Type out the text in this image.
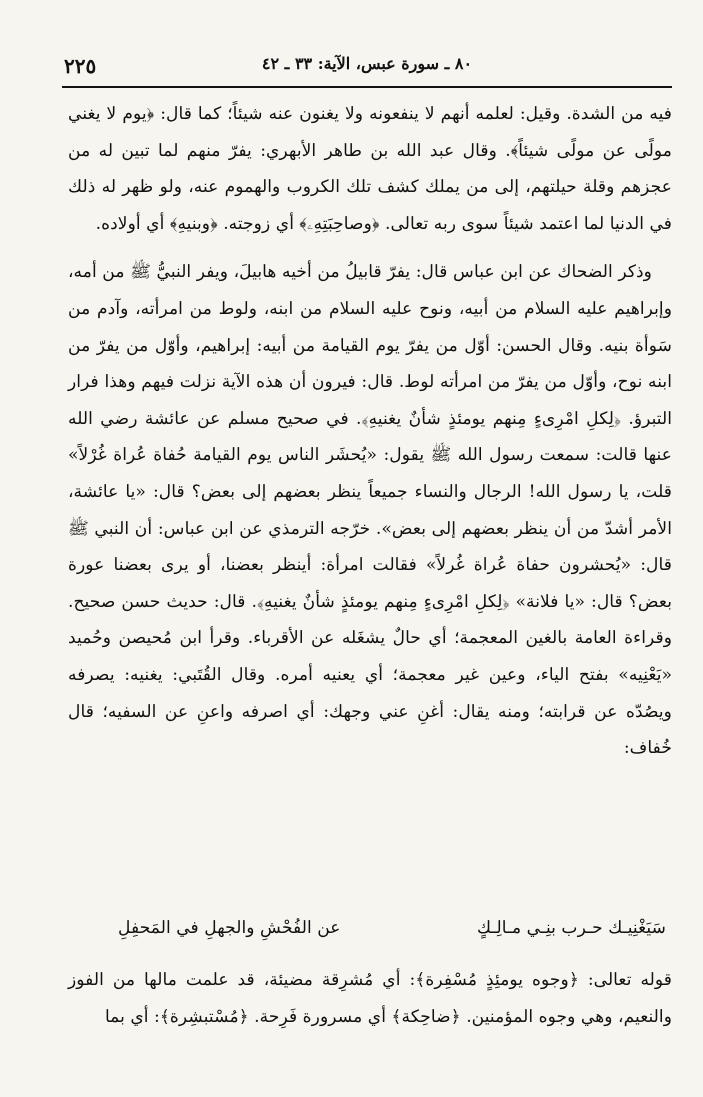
٢٢٥	٨٠ ـ سورة عبس، الآية: ٣٣ ـ ٤٢

فيه من الشدة. وقيل: لعلمه أنهم لا ينفعونه ولا يغنون عنه شيئاً؛ كما قال: ﴿يوم لا يغني مولًى عن مولًى شيئاً﴾. وقال عبد الله بن طاهر الأبهري: يفرّ منهم لما تبين له من عجزهم وقلة حيلتهم، إلى من يملك كشف تلك الكروب والهموم عنه، ولو ظهر له ذلك في الدنيا لما اعتمد شيئاً سوى ربه تعالى. ﴿وصاحِبَتِهِۦ﴾ أي زوجته. ﴿وبنيهِ﴾ أي أولاده.

وذكر الضحاك عن ابن عباس قال: يفرّ قابيلُ من أخيه هابيلَ، ويفر النبيُّ ﷺ من أمه، وإبراهيم عليه السلام من أبيه، ونوح عليه السلام من ابنه، ولوط من امرأته، وآدم من سَوأة بنيه. وقال الحسن: أوّل من يفرّ يوم القيامة من أبيه: إبراهيم، وأوّل من يفرّ من ابنه نوح، وأوّل من يفرّ من امرأته لوط. قال: فيرون أن هذه الآية نزلت فيهم وهذا فرار التبرؤ. ﴿لِكلِ امْرِىءٍ مِنهم يومئذٍ شأنٌ يغنيهِ﴾. في صحيح مسلم عن عائشة رضي الله عنها قالت: سمعت رسول الله ﷺ يقول: «يُحشَر الناس يوم القيامة حُفاة عُراة غُرْلاً» قلت، يا رسول الله! الرجال والنساء جميعاً ينظر بعضهم إلى بعض؟ قال: «يا عائشة، الأمر أشدّ من أن ينظر بعضهم إلى بعض». خرّجه الترمذي عن ابن عباس: أن النبي ﷺ قال: «يُحشرون حفاة عُراة غُرلاً» فقالت امرأة: أينظر بعضنا، أو يرى بعضنا عورة بعض؟ قال: «يا فلانة» ﴿لِكلِ امْرِىءٍ مِنهم يومئذٍ شأنٌ يغنيهِ﴾. قال: حديث حسن صحيح. وقراءة العامة بالغين المعجمة؛ أي حالٌ يشغَله عن الأقرباء. وقرأ ابن مُحيصن وحُميد «يَعْنِيه» بفتح الياء، وعين غير معجمة؛ أي يعنيه أمره. وقال القُتَبي: يغنيه: يصرفه ويصُدّه عن قرابته؛ ومنه يقال: أغنِ عني وجهك: أي اصرفه واعنِ عن السفيه؛ قال خُفاف:

سَيَغْنِيـك حـرب بنِـي مـالِـكٍ
عن الفُحْشِ والجهلِ في المَحفِلِ

قوله تعالى: ﴿وجوه يومئِذٍ مُسْفِرة﴾: أي مُشرِقة مضيئة، قد علمت مالها من الفوز والنعيم، وهي وجوه المؤمنين. ﴿ضاحِكة﴾ أي مسرورة فَرِحة. ﴿مُسْتبشِرة﴾: أي بما
